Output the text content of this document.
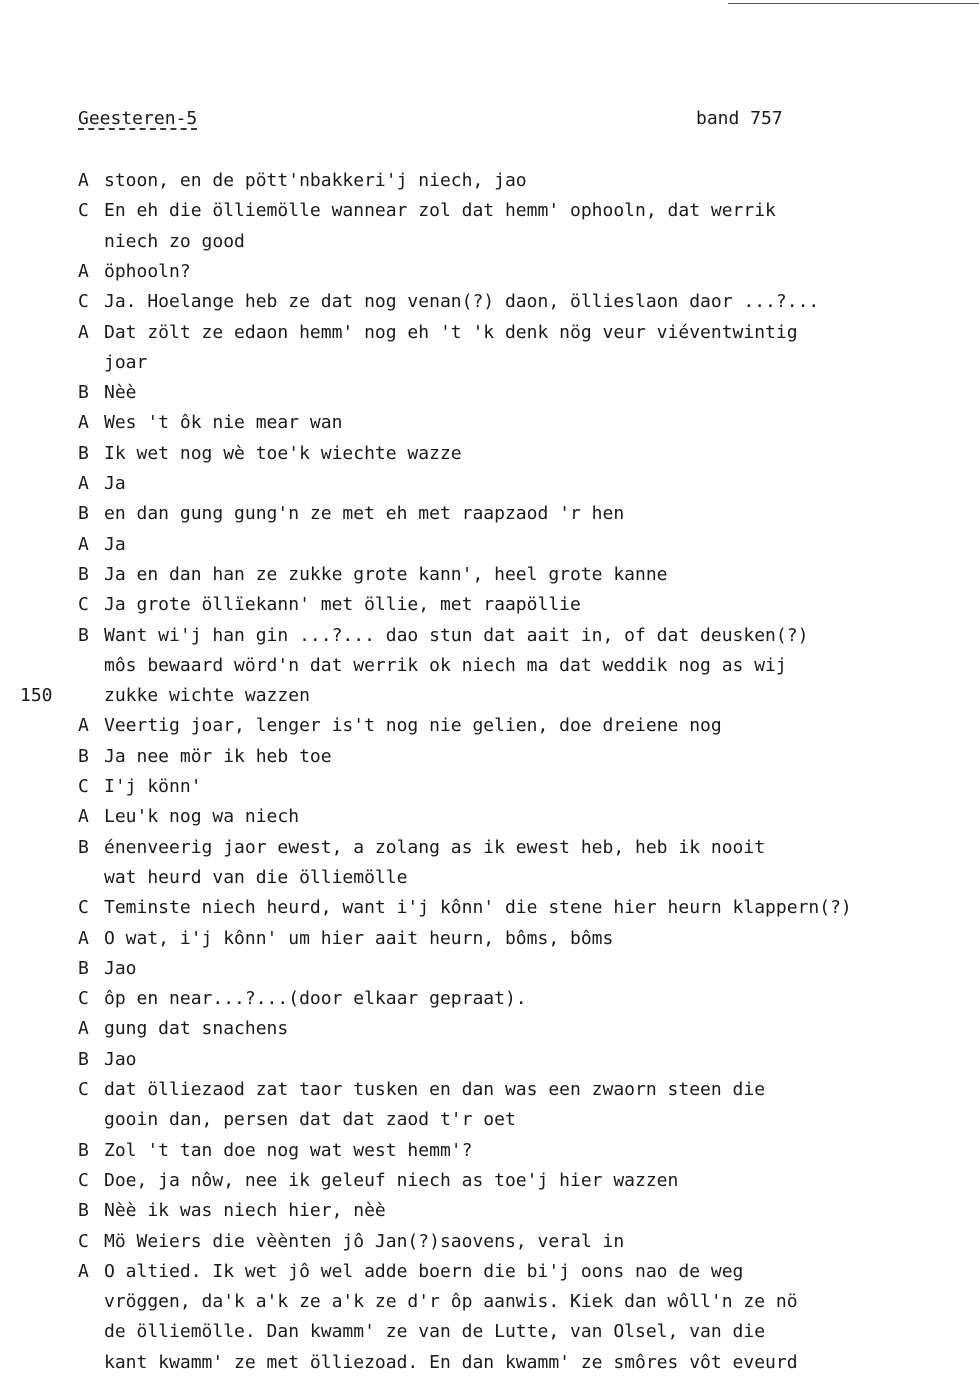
Geesteren-5	band 757
A stoon, en de pött'nbakkeri'j niech, jao
C En eh die ölliemölle wannear zol dat hemm' ophooln, dat werrik
niech zo good
A öphooln?
C Ja. Hoelange heb ze dat nog venan(?) daon, öllieslaon daor ...?...
A Dat zölt ze edaon hemm' nog eh 't 'k denk nög veur viéventwintig
joar
B Nèè
A Wes 't ôk nie mear wan
B Ik wet nog wè toe'k wiechte wazze
A Ja
B en dan gung gung'n ze met eh met raapzaod 'r hen
A Ja
B Ja en dan han ze zukke grote kann', heel grote kanne
C Ja grote öllïekann' met öllie, met raapöllie
B Want wi'j han gin ...?... dao stun dat aait in, of dat deusken(?)
môs bewaard wörd'n dat werrik ok niech ma dat weddik nog as wij
zukke wichte wazzen
150
A Veertig joar, lenger is't nog nie gelien, doe dreiene nog
B Ja nee mör ik heb toe
C I'j könn'
A Leu'k nog wa niech
B énenveerig jaor ewest, a zolang as ik ewest heb, heb ik nooit
wat heurd van die ölliemölle
C Teminste niech heurd, want i'j kônn' die stene hier heurn klappern(?)
A O wat, i'j kônn' um hier aait heurn, bôms, bôms
B Jao
C ôp en near...?...(door elkaar gepraat).
A gung dat snachens
B Jao
C dat ölliezaod zat taor tusken en dan was een zwaorn steen die
gooin dan, persen dat dat zaod t'r oet
B Zol 't tan doe nog wat west hemm'?
C Doe, ja nôw, nee ik geleuf niech as toe'j hier wazzen
B Nèè ik was niech hier, nèè
C Mö Weiers die vèènten jô Jan(?)saovens, veral in
A O altied. Ik wet jô wel adde boern die bi'j oons nao de weg
vröggen, da'k a'k ze a'k ze d'r ôp aanwis. Kiek dan wôll'n ze nö
de ölliemölle. Dan kwamm' ze van de Lutte, van Olsel, van die
kant kwamm' ze met ölliezoad. En dan kwamm' ze smôres vôt eveurd
